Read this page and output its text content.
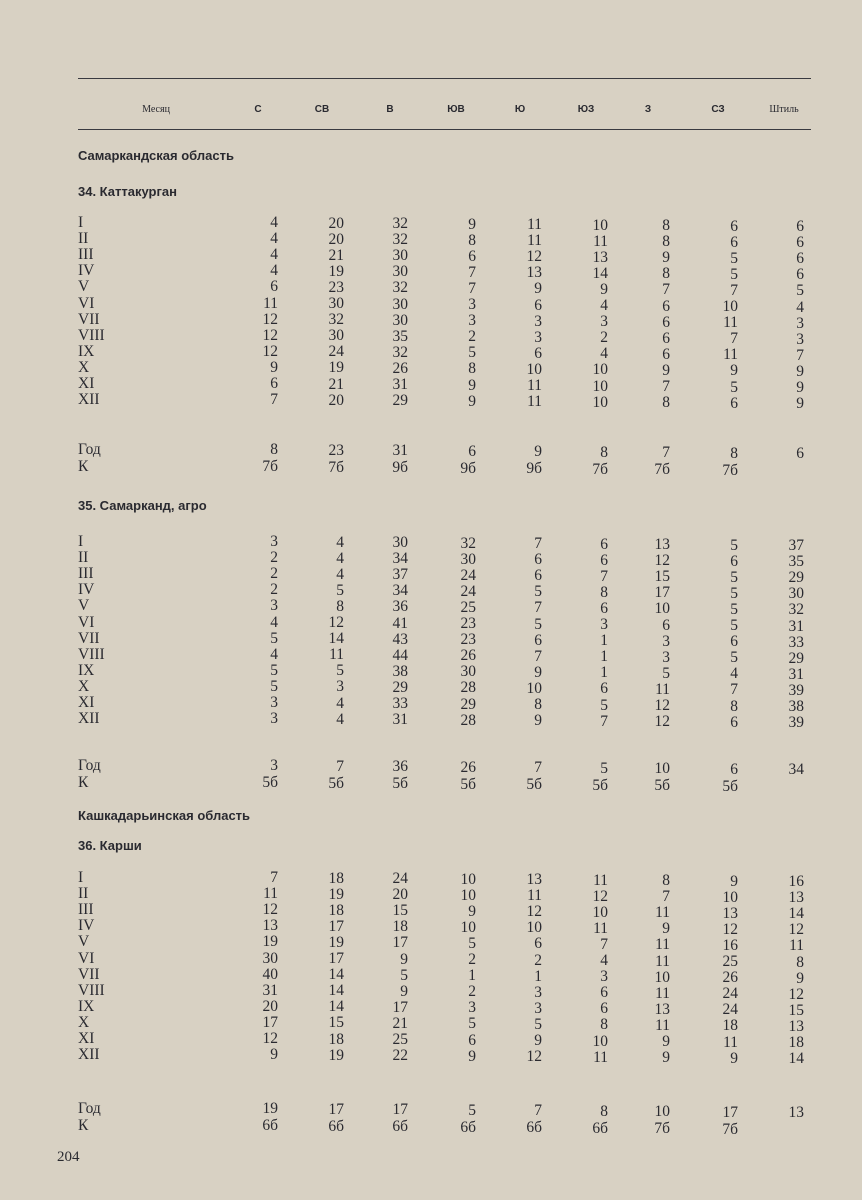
Месяц	С	СВ	В	ЮВ	Ю	ЮЗ	З	СЗ	Штиль
Самаркандская область
Кашкадарьинская область
34. Каттакурган
I	4	20	32	9	11	10	8	6	6
II	4	20	32	8	11	11	8	6	6
III	4	21	30	6	12	13	9	5	6
IV	4	19	30	7	13	14	8	5	6
V	6	23	32	7	9	9	7	7	5
VI	11	30	30	3	6	4	6	10	4
VII	12	32	30	3	3	3	6	11	3
VIII	12	30	35	2	3	2	6	7	3
IX	12	24	32	5	6	4	6	11	7
X	9	19	26	8	10	10	9	9	9
XI	6	21	31	9	11	10	7	5	9
XII	7	20	29	9	11	10	8	6	9
Год	8	23	31	6	9	8	7	8	6
К	7б	7б	9б	9б	9б	7б	7б	7б
35. Самарканд, агро
I	3	4	30	32	7	6	13	5	37
II	2	4	34	30	6	6	12	6	35
III	2	4	37	24	6	7	15	5	29
IV	2	5	34	24	5	8	17	5	30
V	3	8	36	25	7	6	10	5	32
VI	4	12	41	23	5	3	6	5	31
VII	5	14	43	23	6	1	3	6	33
VIII	4	11	44	26	7	1	3	5	29
IX	5	5	38	30	9	1	5	4	31
X	5	3	29	28	10	6	11	7	39
XI	3	4	33	29	8	5	12	8	38
XII	3	4	31	28	9	7	12	6	39
Год	3	7	36	26	7	5	10	6	34
К	5б	5б	5б	5б	5б	5б	5б	5б
36. Карши
I	7	18	24	10	13	11	8	9	16
II	11	19	20	10	11	12	7	10	13
III	12	18	15	9	12	10	11	13	14
IV	13	17	18	10	10	11	9	12	12
V	19	19	17	5	6	7	11	16	11
VI	30	17	9	2	2	4	11	25	8
VII	40	14	5	1	1	3	10	26	9
VIII	31	14	9	2	3	6	11	24	12
IX	20	14	17	3	3	6	13	24	15
X	17	15	21	5	5	8	11	18	13
XI	12	18	25	6	9	10	9	11	18
XII	9	19	22	9	12	11	9	9	14
Год	19	17	17	5	7	8	10	17	13
К	6б	6б	6б	6б	6б	6б	7б	7б
204
